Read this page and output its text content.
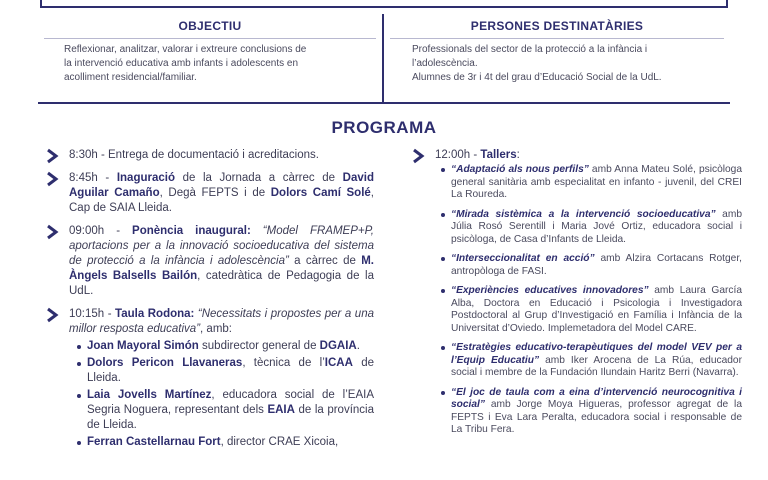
OBJECTIU
Reflexionar, analitzar, valorar i extreure conclusions de
la intervenció educativa amb infants i adolescents en
acolliment residencial/familiar.
PERSONES DESTINATÀRIES
Professionals del sector de la protecció a la infància i
l’adolescència.
Alumnes de 3r i 4t del grau d’Educació Social de la UdL.
PROGRAMA
8:30h - Entrega de documentació i acreditacions.
8:45h - Inaguració de la Jornada a càrrec de David Aguilar Camaño, Degà FEPTS i de Dolors Camí Solé, Cap de SAIA Lleida.
09:00h - Ponència inaugural: “Model FRAMEP+P, aportacions per a la innovació socioeducativa del sistema de protecció a la infància i adolescència” a càrrec de M. Àngels Balsells Bailón, catedràtica de Pedagogia de la UdL.
10:15h - Taula Rodona: “Necessitats i propostes per a una millor resposta educativa”, amb:
Joan Mayoral Simón subdirector general de DGAIA.
Dolors Pericon Llavaneras, tècnica de l’ICAA de Lleida.
Laia Jovells Martínez, educadora social de l’EAIA Segria Noguera, representant dels EAIA de la província de Lleida.
Ferran Castellarnau Fort, director CRAE Xicoia,
12:00h - Tallers:
“Adaptació als nous perfils” amb Anna Mateu Solé, psicòloga general sanitària amb especialitat en infanto - juvenil, del CREI La Roureda.
“Mirada sistèmica a la intervenció socioeducativa” amb Júlia Rosó Serentill i Maria Jové Ortiz, educadora social i psicòloga, de Casa d’Infants de Lleida.
“Interseccionalitat en acció” amb Alzira Cortacans Rotger, antropòloga de FASI.
“Experiències educatives innovadores” amb Laura García Alba, Doctora en Educació i Psicologia i Investigadora Postdoctoral al Grup d’Investigació en Família i Infància de la Universitat d’Oviedo. Implemetadora del Model CARE.
“Estratègies educativo-terapèutiques del model VEV per a l’Equip Educatiu” amb Iker Arocena de La Rúa, educador social i membre de la Fundación Ilundain Haritz Berri (Navarra).
“El joc de taula com a eina d’intervenció neurocognitiva i social” amb Jorge Moya Higueras, professor agregat de la FEPTS i Eva Lara Peralta, educadora social i responsable de La Tribu Fera.
